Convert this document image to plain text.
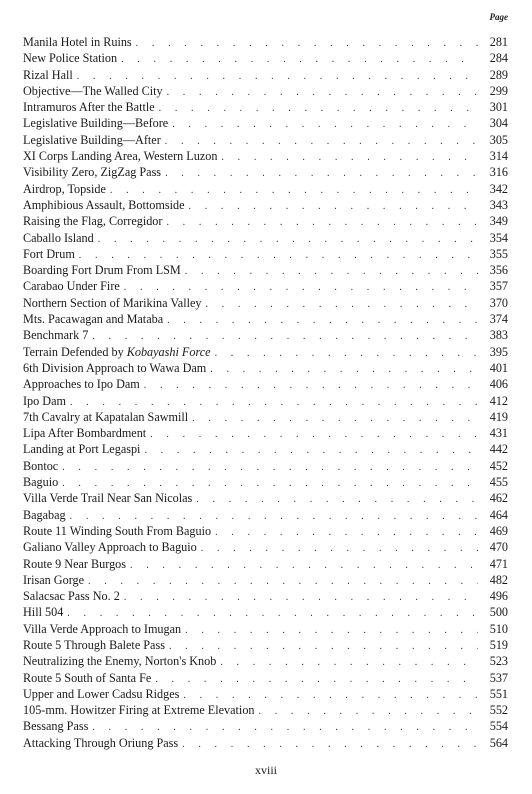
Page
Manila Hotel in Ruins . . .	281
New Police Station . . .	284
Rizal Hall . . .	289
Objective—The Walled City . . .	299
Intramuros After the Battle . . .	301
Legislative Building—Before . . .	304
Legislative Building—After . . .	305
XI Corps Landing Area, Western Luzon . . .	314
Visibility Zero, ZigZag Pass . . .	316
Airdrop, Topside . . .	342
Amphibious Assault, Bottomside . . .	343
Raising the Flag, Corregidor . . .	349
Caballo Island . . .	354
Fort Drum . . .	355
Boarding Fort Drum From LSM . . .	356
Carabao Under Fire . . .	357
Northern Section of Marikina Valley . . .	370
Mts. Pacawagan and Mataba . . .	374
Benchmark 7 . . .	383
Terrain Defended by Kobayashi Force . . .	395
6th Division Approach to Wawa Dam . . .	401
Approaches to Ipo Dam . . .	406
Ipo Dam . . .	412
7th Cavalry at Kapatalan Sawmill . . .	419
Lipa After Bombardment . . .	431
Landing at Port Legaspi . . .	442
Bontoc . . .	452
Baguio . . .	455
Villa Verde Trail Near San Nicolas . . .	462
Bagabag . . .	464
Route 11 Winding South From Baguio . . .	469
Galiano Valley Approach to Baguio . . .	470
Route 9 Near Burgos . . .	471
Irisan Gorge . . .	482
Salacsac Pass No. 2 . . .	496
Hill 504 . . .	500
Villa Verde Approach to Imugan . . .	510
Route 5 Through Balete Pass . . .	519
Neutralizing the Enemy, Norton's Knob . . .	523
Route 5 South of Santa Fe . . .	537
Upper and Lower Cadsu Ridges . . .	551
105-mm. Howitzer Firing at Extreme Elevation . . .	552
Bessang Pass . . .	554
Attacking Through Oriung Pass . . .	564
xviii
